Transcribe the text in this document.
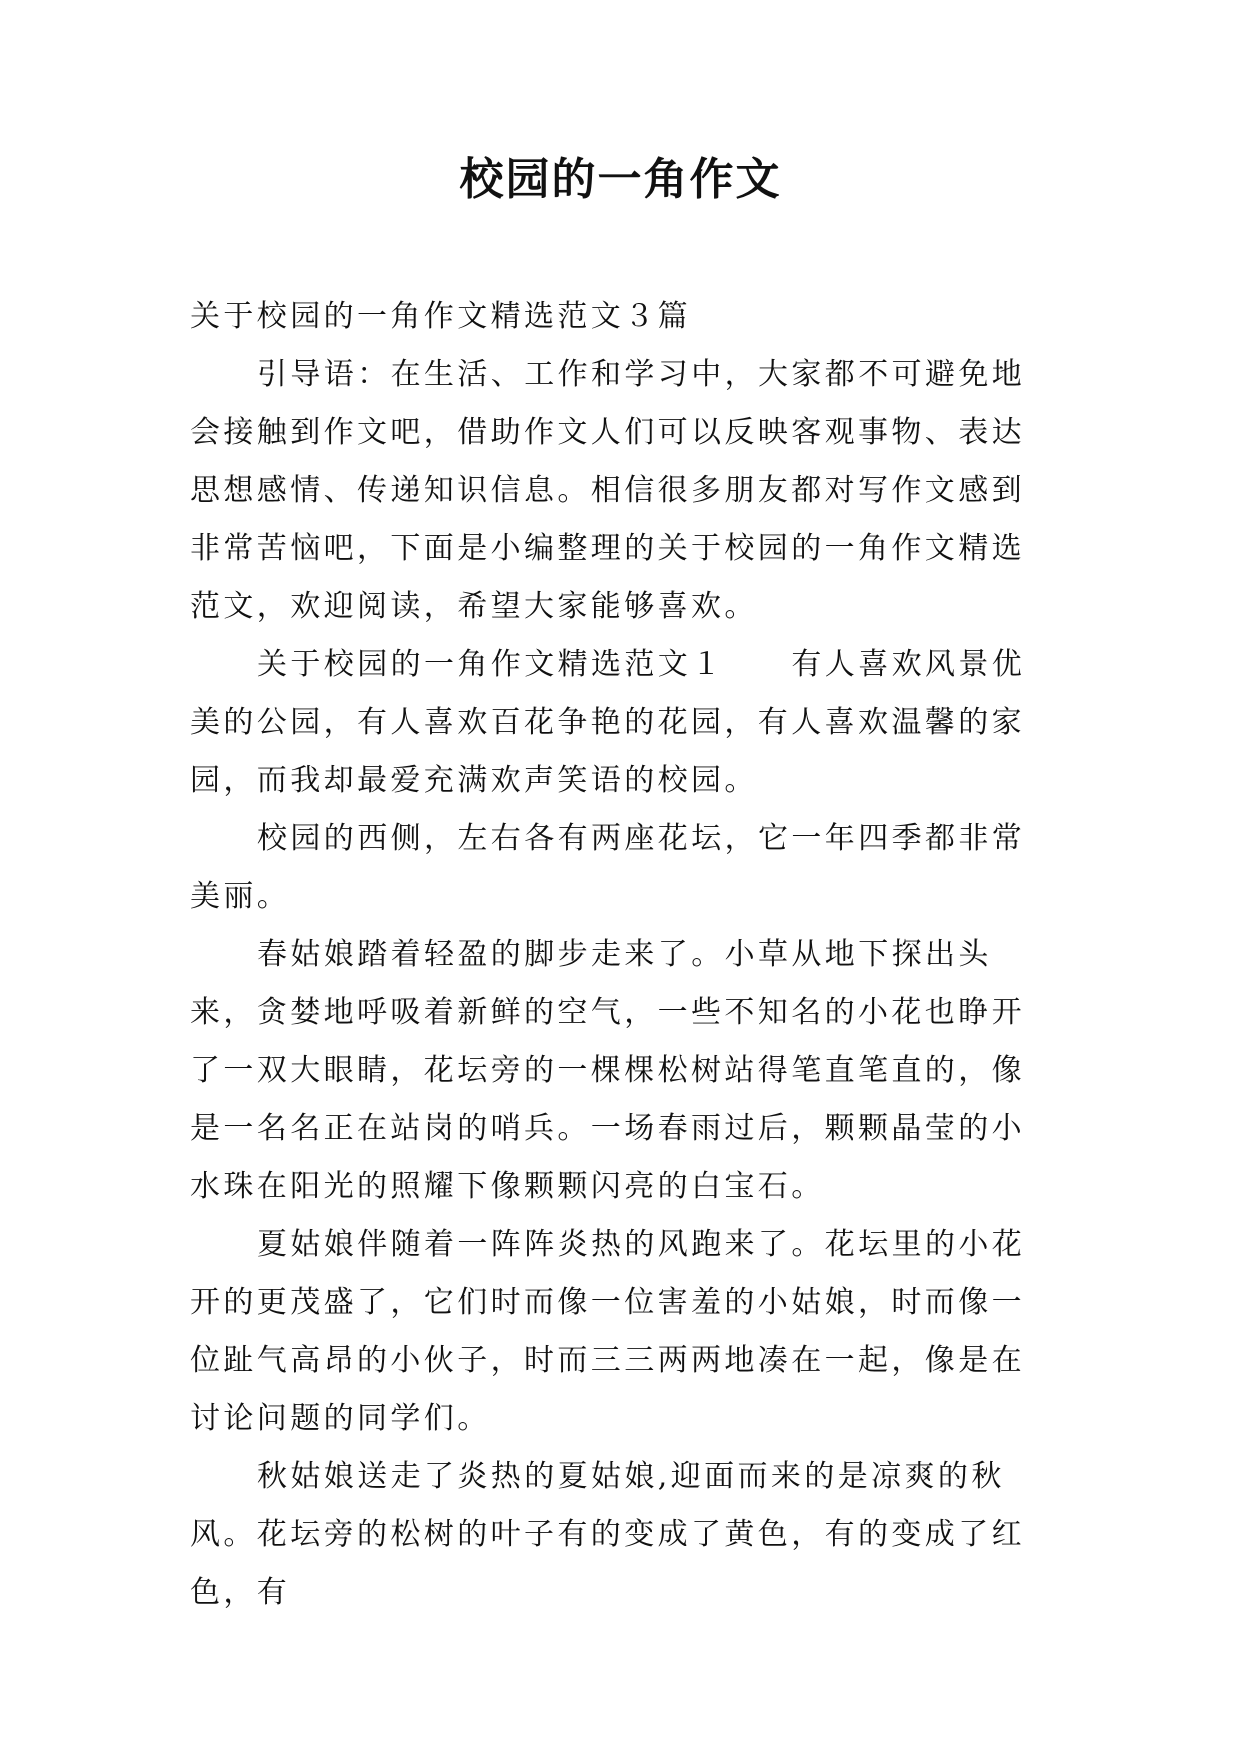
校园的一角作文

关于校园的一角作文精选范文３篇

引导语：在生活、工作和学习中，大家都不可避免地会接触到作文吧，借助作文人们可以反映客观事物、表达思想感情、传递知识信息。相信很多朋友都对写作文感到非常苦恼吧，下面是小编整理的关于校园的一角作文精选范文，欢迎阅读，希望大家能够喜欢。

关于校园的一角作文精选范文１　　有人喜欢风景优美的公园，有人喜欢百花争艳的花园，有人喜欢温馨的家园，而我却最爱充满欢声笑语的校园。

校园的西侧，左右各有两座花坛，它一年四季都非常美丽。

春姑娘踏着轻盈的脚步走来了。小草从地下探出头来，贪婪地呼吸着新鲜的空气，一些不知名的小花也睁开了一双大眼睛，花坛旁的一棵棵松树站得笔直笔直的，像是一名名正在站岗的哨兵。一场春雨过后，颗颗晶莹的小水珠在阳光的照耀下像颗颗闪亮的白宝石。

夏姑娘伴随着一阵阵炎热的风跑来了。花坛里的小花开的更茂盛了，它们时而像一位害羞的小姑娘，时而像一位趾气高昂的小伙子，时而三三两两地凑在一起，像是在讨论问题的同学们。

秋姑娘送走了炎热的夏姑娘,迎面而来的是凉爽的秋风。花坛旁的松树的叶子有的变成了黄色，有的变成了红色，有
